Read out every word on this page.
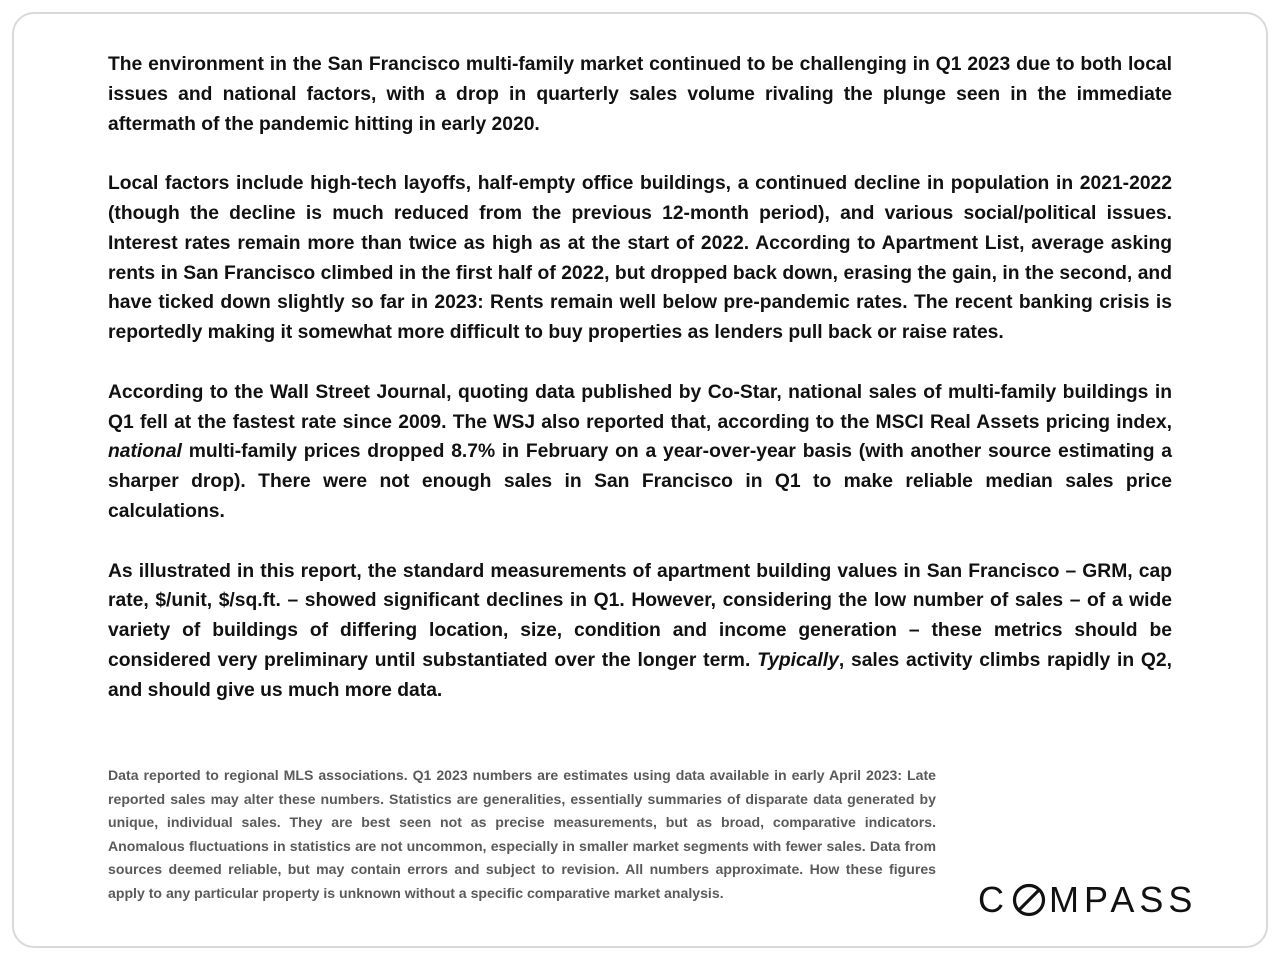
The environment in the San Francisco multi-family market continued to be challenging in Q1 2023 due to both local issues and national factors, with a drop in quarterly sales volume rivaling the plunge seen in the immediate aftermath of the pandemic hitting in early 2020.

Local factors include high-tech layoffs, half-empty office buildings, a continued decline in population in 2021-2022 (though the decline is much reduced from the previous 12-month period), and various social/political issues. Interest rates remain more than twice as high as at the start of 2022. According to Apartment List, average asking rents in San Francisco climbed in the first half of 2022, but dropped back down, erasing the gain, in the second, and have ticked down slightly so far in 2023: Rents remain well below pre-pandemic rates. The recent banking crisis is reportedly making it somewhat more difficult to buy properties as lenders pull back or raise rates.

According to the Wall Street Journal, quoting data published by Co-Star, national sales of multi-family buildings in Q1 fell at the fastest rate since 2009. The WSJ also reported that, according to the MSCI Real Assets pricing index, national multi-family prices dropped 8.7% in February on a year-over-year basis (with another source estimating a sharper drop). There were not enough sales in San Francisco in Q1 to make reliable median sales price calculations.

As illustrated in this report, the standard measurements of apartment building values in San Francisco – GRM, cap rate, $/unit, $/sq.ft. – showed significant declines in Q1. However, considering the low number of sales – of a wide variety of buildings of differing location, size, condition and income generation – these metrics should be considered very preliminary until substantiated over the longer term. Typically, sales activity climbs rapidly in Q2, and should give us much more data.

Data reported to regional MLS associations. Q1 2023 numbers are estimates using data available in early April 2023: Late reported sales may alter these numbers. Statistics are generalities, essentially summaries of disparate data generated by unique, individual sales. They are best seen not as precise measurements, but as broad, comparative indicators. Anomalous fluctuations in statistics are not uncommon, especially in smaller market segments with fewer sales. Data from sources deemed reliable, but may contain errors and subject to revision. All numbers approximate. How these figures apply to any particular property is unknown without a specific comparative market analysis.	C MPASS
